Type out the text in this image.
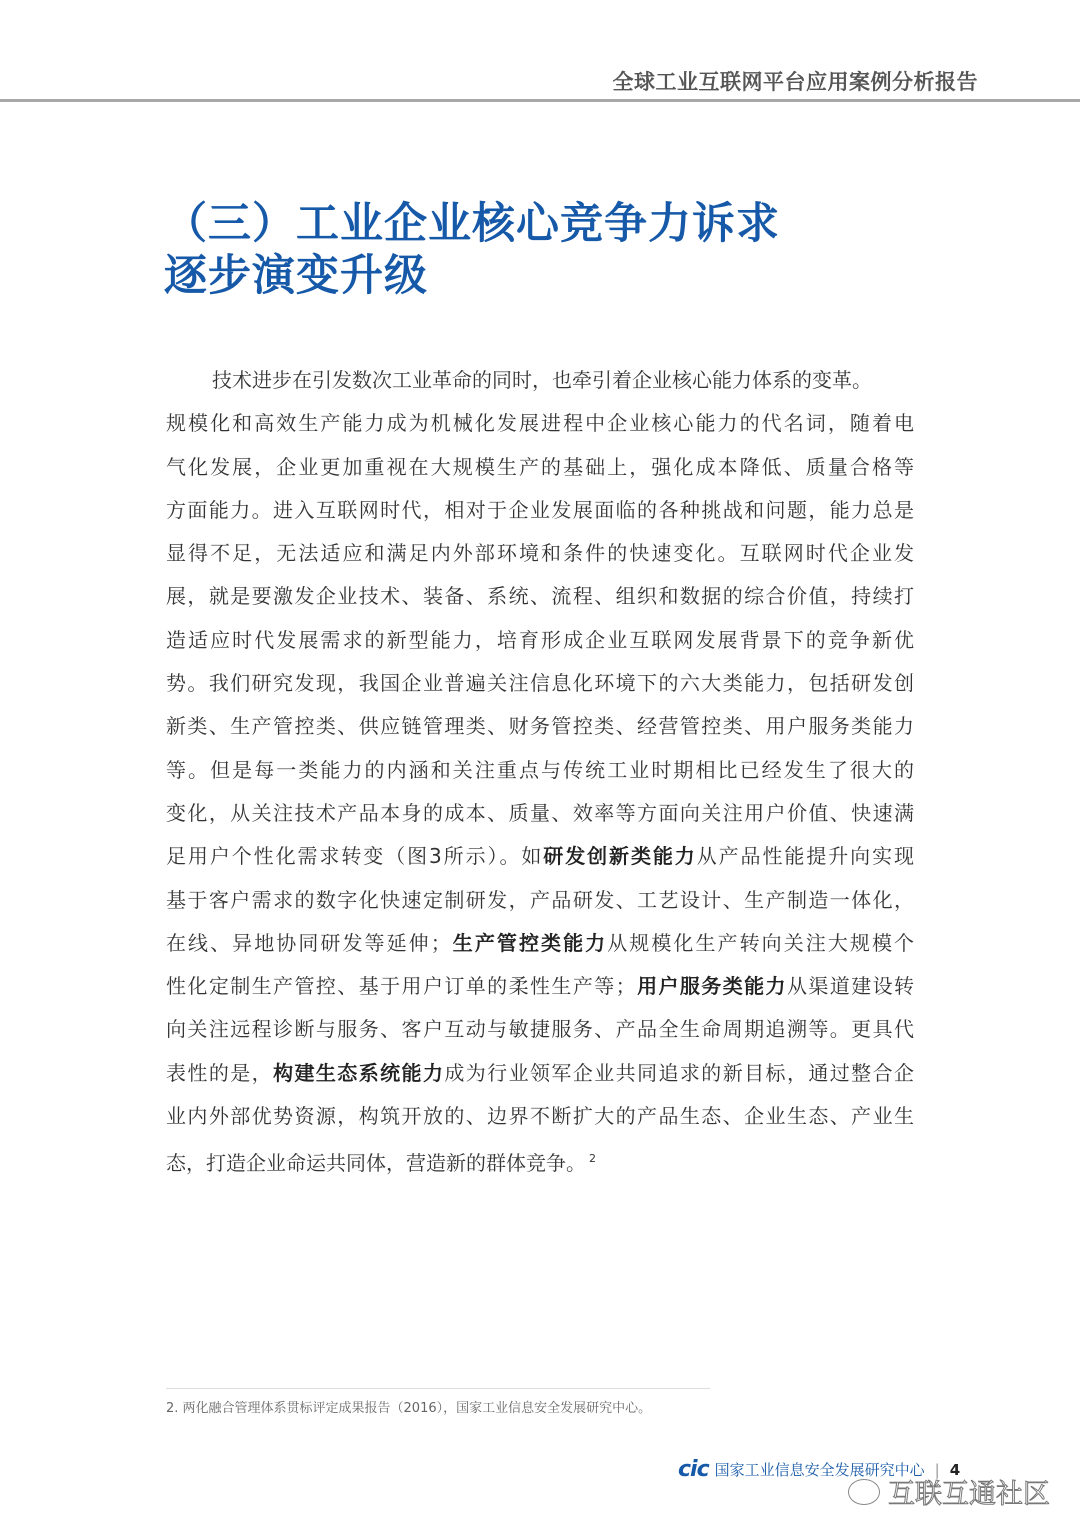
全球工业互联网平台应用案例分析报告
（三）工业企业核心竞争力诉求
逐步演变升级
技术进步在引发数次工业革命的同时，也牵引着企业核心能力体系的变革。
规模化和高效生产能力成为机械化发展进程中企业核心能力的代名词，随着电
气化发展，企业更加重视在大规模生产的基础上，强化成本降低、质量合格等
方面能力。进入互联网时代，相对于企业发展面临的各种挑战和问题，能力总是
显得不足，无法适应和满足内外部环境和条件的快速变化。互联网时代企业发
展，就是要激发企业技术、装备、系统、流程、组织和数据的综合价值，持续打
造适应时代发展需求的新型能力，培育形成企业互联网发展背景下的竞争新优
势。我们研究发现，我国企业普遍关注信息化环境下的六大类能力，包括研发创
新类、生产管控类、供应链管理类、财务管控类、经营管控类、用户服务类能力
等。但是每一类能力的内涵和关注重点与传统工业时期相比已经发生了很大的
变化，从关注技术产品本身的成本、质量、效率等方面向关注用户价值、快速满
足用户个性化需求转变（图3所示）。如研发创新类能力从产品性能提升向实现
基于客户需求的数字化快速定制研发，产品研发、工艺设计、生产制造一体化，
在线、异地协同研发等延伸；生产管控类能力从规模化生产转向关注大规模个
性化定制生产管控、基于用户订单的柔性生产等；用户服务类能力从渠道建设转
向关注远程诊断与服务、客户互动与敏捷服务、产品全生命周期追溯等。更具代
表性的是，构建生态系统能力成为行业领军企业共同追求的新目标，通过整合企
业内外部优势资源，构筑开放的、边界不断扩大的产品生态、企业生态、产业生
态，打造企业命运共同体，营造新的群体竞争。 $^2$
2. 两化融合管理体系贯标评定成果报告（2016），国家工业信息安全发展研究中心。
cic 国家工业信息安全发展研究中心 | 4
互联互通社区
